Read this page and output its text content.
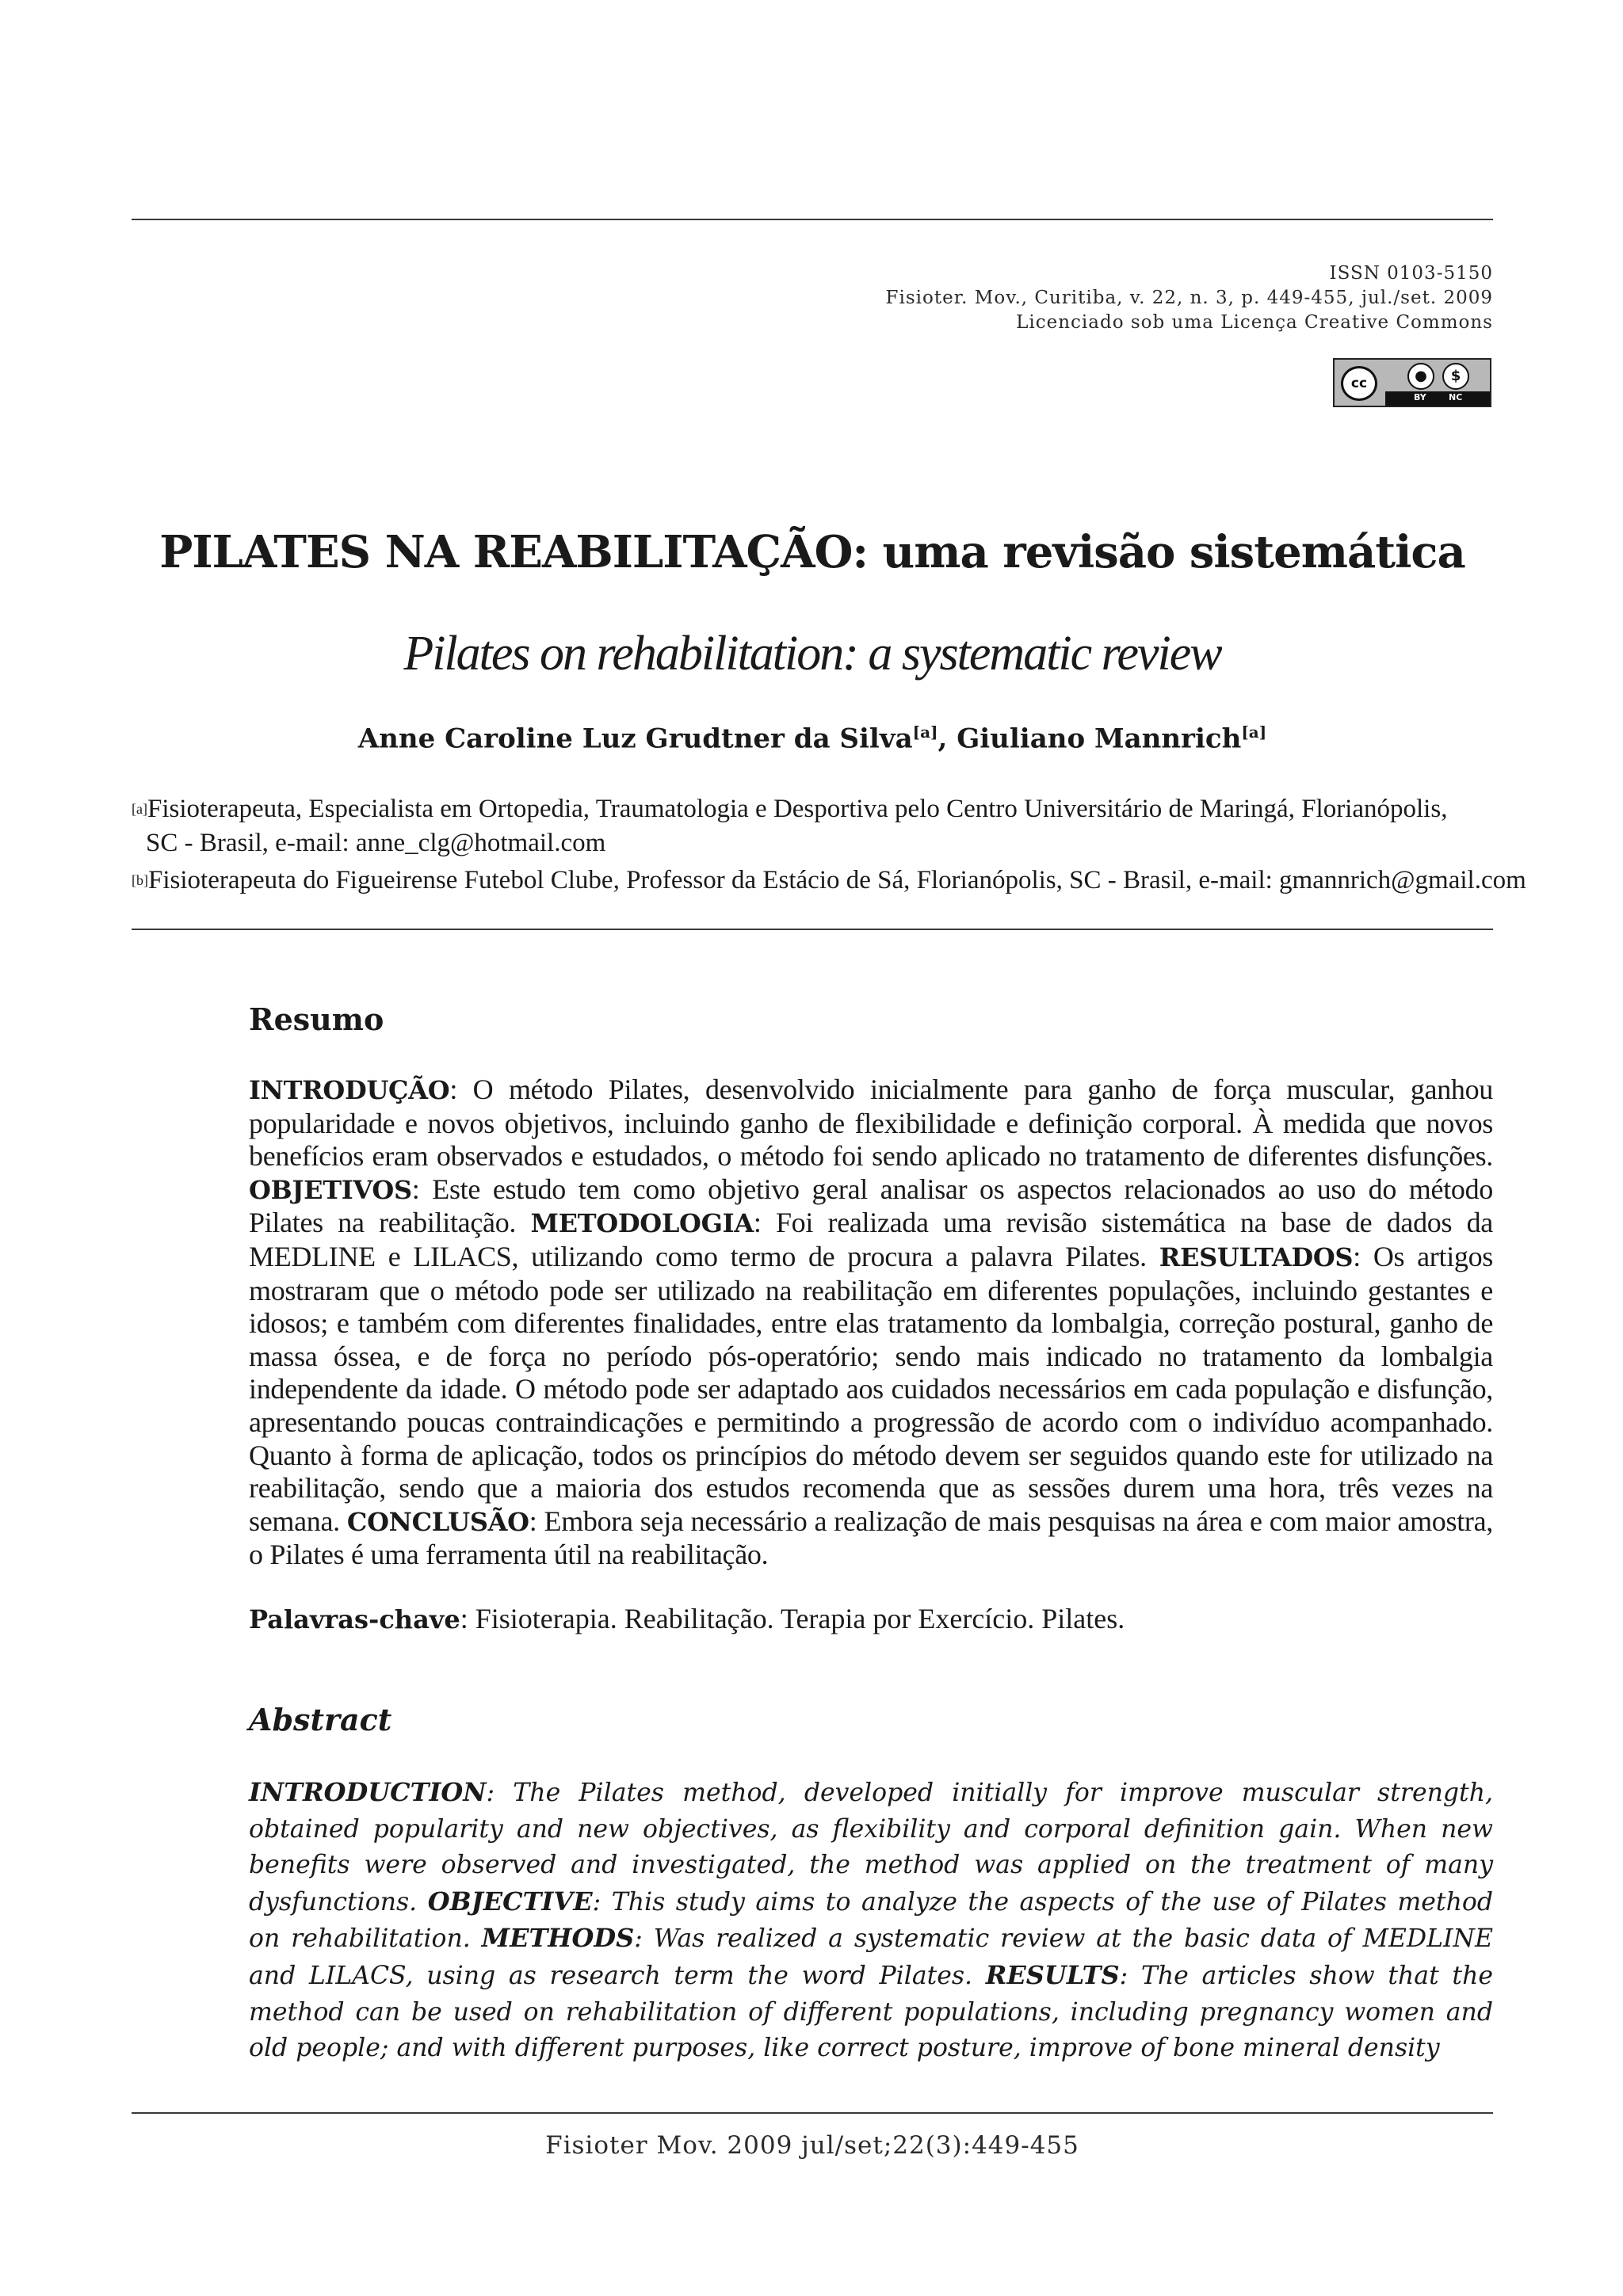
ISSN 0103-5150
Fisioter. Mov., Curitiba, v. 22, n. 3, p. 449-455, jul./set. 2009
Licenciado sob uma Licença Creative Commons
cc	●	$
BY	NC
PILATES NA REABILITAÇÃO: uma revisão sistemática
Pilates on rehabilitation: a systematic review
Anne Caroline Luz Grudtner da Silva[a], Giuliano Mannrich[a]
[a]Fisioterapeuta, Especialista em Ortopedia, Traumatologia e Desportiva pelo Centro Universitário de Maringá, Florianópolis,
SC - Brasil, e-mail: anne_clg@hotmail.com
[b]Fisioterapeuta do Figueirense Futebol Clube, Professor da Estácio de Sá, Florianópolis, SC - Brasil, e-mail: gmannrich@gmail.com
Resumo
INTRODUÇÃO: O método Pilates, desenvolvido inicialmente para ganho de força muscular, ganhou popularidade e novos objetivos, incluindo ganho de flexibilidade e definição corporal. À medida que novos benefícios eram observados e estudados, o método foi sendo aplicado no tratamento de diferentes disfunções. OBJETIVOS: Este estudo tem como objetivo geral analisar os aspectos relacionados ao uso do método Pilates na reabilitação. METODOLOGIA: Foi realizada uma revisão sistemática na base de dados da MEDLINE e LILACS, utilizando como termo de procura a palavra Pilates. RESULTADOS: Os artigos mostraram que o método pode ser utilizado na reabilitação em diferentes populações, incluindo gestantes e idosos; e também com diferentes finalidades, entre elas tratamento da lombalgia, correção postural, ganho de massa óssea, e de força no período pós-operatório; sendo mais indicado no tratamento da lombalgia independente da idade. O método pode ser adaptado aos cuidados necessários em cada população e disfunção, apresentando poucas contraindicações e permitindo a progressão de acordo com o indivíduo acompanhado. Quanto à forma de aplicação, todos os princípios do método devem ser seguidos quando este for utilizado na reabilitação, sendo que a maioria dos estudos recomenda que as sessões durem uma hora, três vezes na semana. CONCLUSÃO: Embora seja necessário a realização de mais pesquisas na área e com maior amostra, o Pilates é uma ferramenta útil na reabilitação.
Palavras-chave: Fisioterapia. Reabilitação. Terapia por Exercício. Pilates.
Abstract
INTRODUCTION: The Pilates method, developed initially for improve muscular strength, obtained popularity and new objectives, as flexibility and corporal definition gain. When new benefits were observed and investigated, the method was applied on the treatment of many dysfunctions. OBJECTIVE: This study aims to analyze the aspects of the use of Pilates method on rehabilitation. METHODS: Was realized a systematic review at the basic data of MEDLINE and LILACS, using as research term the word Pilates. RESULTS: The articles show that the method can be used on rehabilitation of different populations, including pregnancy women and old people; and with different purposes, like correct posture, improve of bone mineral density
Fisioter Mov. 2009 jul/set;22(3):449-455
